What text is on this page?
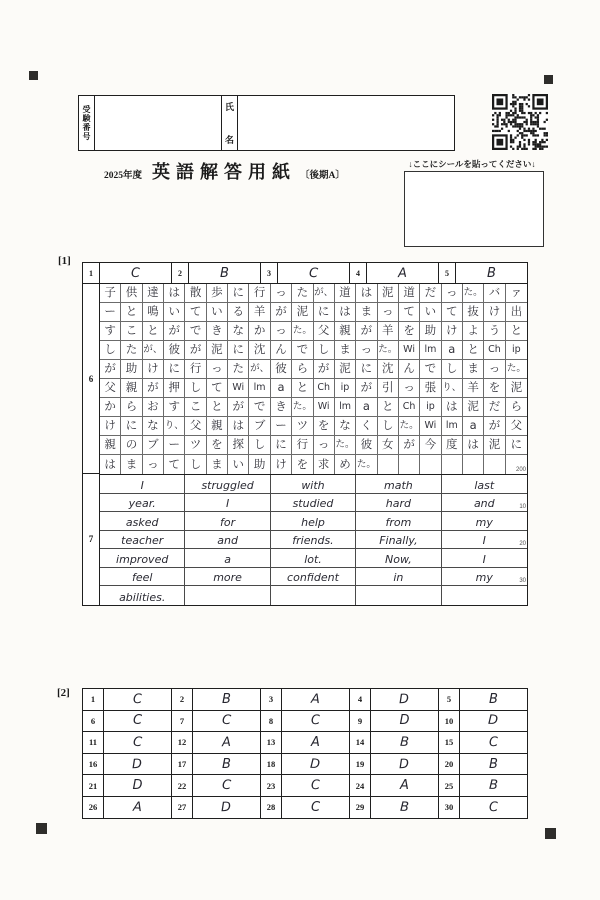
受験番号	氏
名
2025年度 英語解答用紙 〔後期A〕
↓ここにシールを貼ってください↓
[1]
1	C	2	B	3	C	4	A	5	B
6
7
子 供 達 は 散 歩 に 行 っ た が、 道 は 泥 道 だ っ た。 バ ァ
ー と 鳴 い て い る 羊 が 泥 に は ま っ て い て 抜 け 出
す こ と が で き な か っ た。 父 親 が 羊 を 助 け よ う と
し た が、 彼 が 泥 に 沈 ん で し ま っ た。 Wi lm	a	と Ch	ip
が 助 け に 行 っ た が、 彼 ら が 泥 に 沈 ん で し ま っ た。
父 親 が 押 し て	Wi lm	a	と Ch	ip が 引 っ 張 り、 羊 を 泥
か ら お す こ と が で き た。 Wi lm	a	と Ch	ip は 泥 だ ら
け に な り、 父 親 は ブ ー ツ を な く し た。 Wi lm	a	が 父
親 の ブ ー ツ を 探 し に 行 っ た。 彼 女 が 今 度 は 泥 に
は ま っ て し ま い 助 け を 求 め た。
200
I	struggled	with	math	last
year.	I	studied	hard	and	10
asked	for	help	from	my
teacher	and	friends.	Finally,	I	20
improved	a	lot.	Now,	I
feel	more	confident	in	my	30
abilities.
[2]
1	C	2	B	3	A	4	D	5	B
6	C	7	C	8	C	9	D	10	D
11	C	12	A	13	A	14	B	15	C
16	D	17	B	18	D	19	D	20	B
21	D	22	C	23	C	24	A	25	B
26	A	27	D	28	C	29	B	30	C
